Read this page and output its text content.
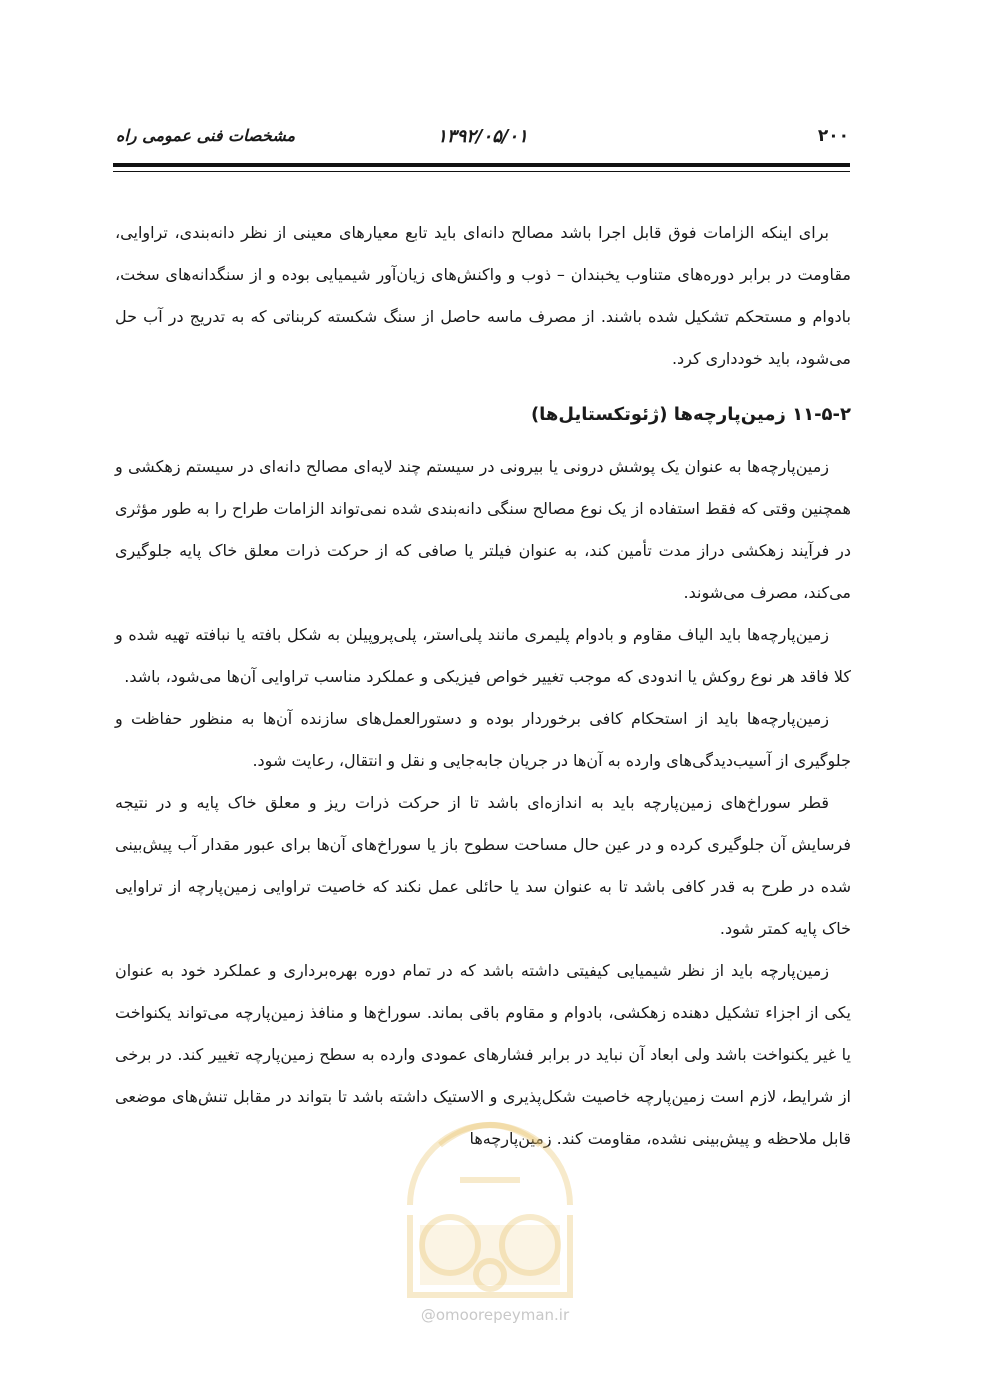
۲۰۰
۱۳۹۲/۰۵/۰۱
مشخصات فنی عمومی راه

برای اینکه الزامات فوق قابل اجرا باشد مصالح دانه‌ای باید تابع معیارهای معینی از نظر دانه‌بندی، تراوایی، مقاومت در برابر دوره‌های متناوب یخبندان – ذوب و واکنش‌های زیان‌آور شیمیایی بوده و از سنگدانه‌های سخت، بادوام و مستحکم تشکیل شده باشند. از مصرف ماسه حاصل از سنگ شکسته کربناتی که به تدریج در آب حل می‌شود، باید خودداری کرد.

۱۱-۵-۲ زمین‌پارچه‌ها (ژئوتکستایل‌ها)

زمین‌پارچه‌ها به عنوان یک پوشش درونی یا بیرونی در سیستم چند لایه‌ای مصالح دانه‌ای در سیستم زهکشی و همچنین وقتی که فقط استفاده از یک نوع مصالح سنگی دانه‌بندی شده نمی‌تواند الزامات طراح را به طور مؤثری در فرآیند زهکشی دراز مدت تأمین کند، به عنوان فیلتر یا صافی که از حرکت ذرات معلق خاک پایه جلوگیری می‌کند، مصرف می‌شوند.

زمین‌پارچه‌ها باید الیاف مقاوم و بادوام پلیمری مانند پلی‌استر، پلی‌پروپیلن به شکل بافته یا نبافته تهیه شده و کلا فاقد هر نوع روکش یا اندودی که موجب تغییر خواص فیزیکی و عملکرد مناسب تراوایی آن‌ها می‌شود، باشد.

زمین‌پارچه‌ها باید از استحکام کافی برخوردار بوده و دستورالعمل‌های سازنده آن‌ها به منظور حفاظت و جلوگیری از آسیب‌دیدگی‌های وارده به آن‌ها در جریان جابه‌جایی و نقل و انتقال، رعایت شود.

قطر سوراخ‌های زمین‌پارچه باید به اندازه‌ای باشد تا از حرکت ذرات ریز و معلق خاک پایه و در نتیجه فرسایش آن جلوگیری کرده و در عین حال مساحت سطوح باز یا سوراخ‌های آن‌ها برای عبور مقدار آب پیش‌بینی شده در طرح به قدر کافی باشد تا به عنوان سد یا حائلی عمل نکند که خاصیت تراوایی زمین‌پارچه از تراوایی خاک پایه کمتر شود.

زمین‌پارچه باید از نظر شیمیایی کیفیتی داشته باشد که در تمام دوره بهره‌برداری و عملکرد خود به عنوان یکی از اجزاء تشکیل دهنده زهکشی، بادوام و مقاوم باقی بماند. سوراخ‌ها و منافذ زمین‌پارچه می‌تواند یکنواخت یا غیر یکنواخت باشد ولی ابعاد آن نباید در برابر فشارهای عمودی وارده به سطح زمین‌پارچه تغییر کند. در برخی از شرایط، لازم است زمین‌پارچه خاصیت شکل‌پذیری و الاستیک داشته باشد تا بتواند در مقابل تنش‌های موضعی قابل ملاحظه و پیش‌بینی نشده، مقاومت کند. زمین‌پارچه‌ها

@omoorepeyman.ir
